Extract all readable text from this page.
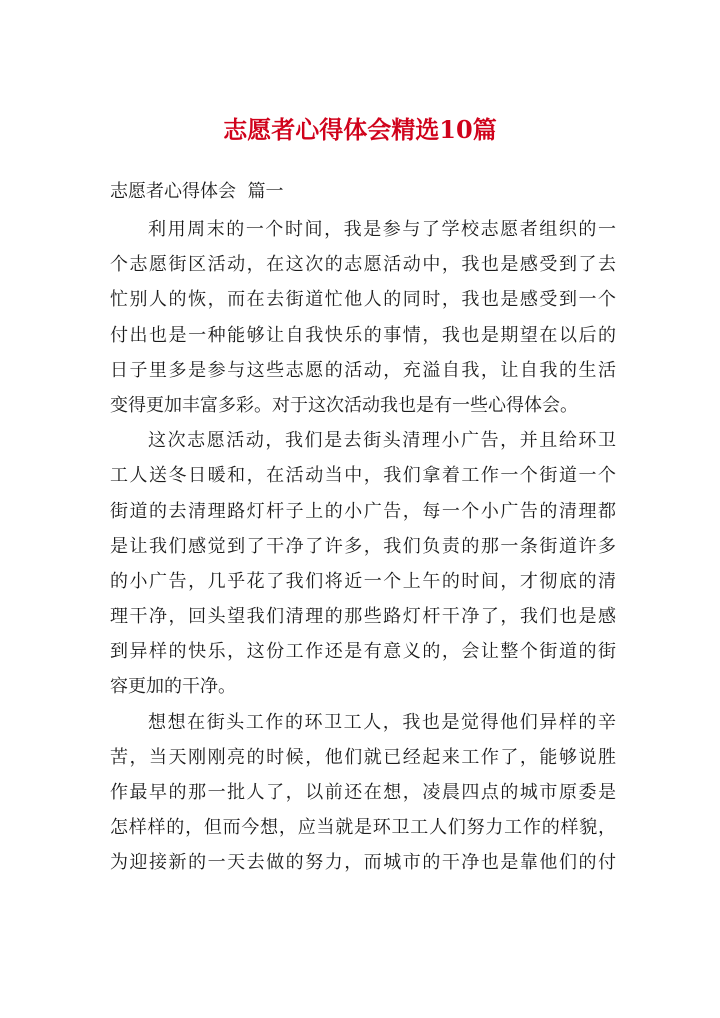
志愿者心得体会精选10篇

志愿者心得体会  篇一

利用周末的一个时间，我是参与了学校志愿者组织的一
个志愿街区活动，在这次的志愿活动中，我也是感受到了去
忙别人的恢，而在去街道忙他人的同时，我也是感受到一个
付出也是一种能够让自我快乐的事情，我也是期望在以后的
日子里多是参与这些志愿的活动，充溢自我，让自我的生活
变得更加丰富多彩。对于这次活动我也是有一些心得体会。
这次志愿活动，我们是去街头清理小广告，并且给环卫
工人送冬日暖和，在活动当中，我们拿着工作一个街道一个
街道的去清理路灯杆子上的小广告，每一个小广告的清理都
是让我们感觉到了干净了许多，我们负责的那一条街道许多
的小广告，几乎花了我们将近一个上午的时间，才彻底的清
理干净，回头望我们清理的那些路灯杆干净了，我们也是感
到异样的快乐，这份工作还是有意义的，会让整个街道的街
容更加的干净。
想想在街头工作的环卫工人，我也是觉得他们异样的辛
苦，当天刚刚亮的时候，他们就已经起来工作了，能够说胜
作最早的那一批人了，以前还在想，凌晨四点的城市原委是
怎样样的，但而今想，应当就是环卫工人们努力工作的样貌，
为迎接新的一天去做的努力，而城市的干净也是靠他们的付
